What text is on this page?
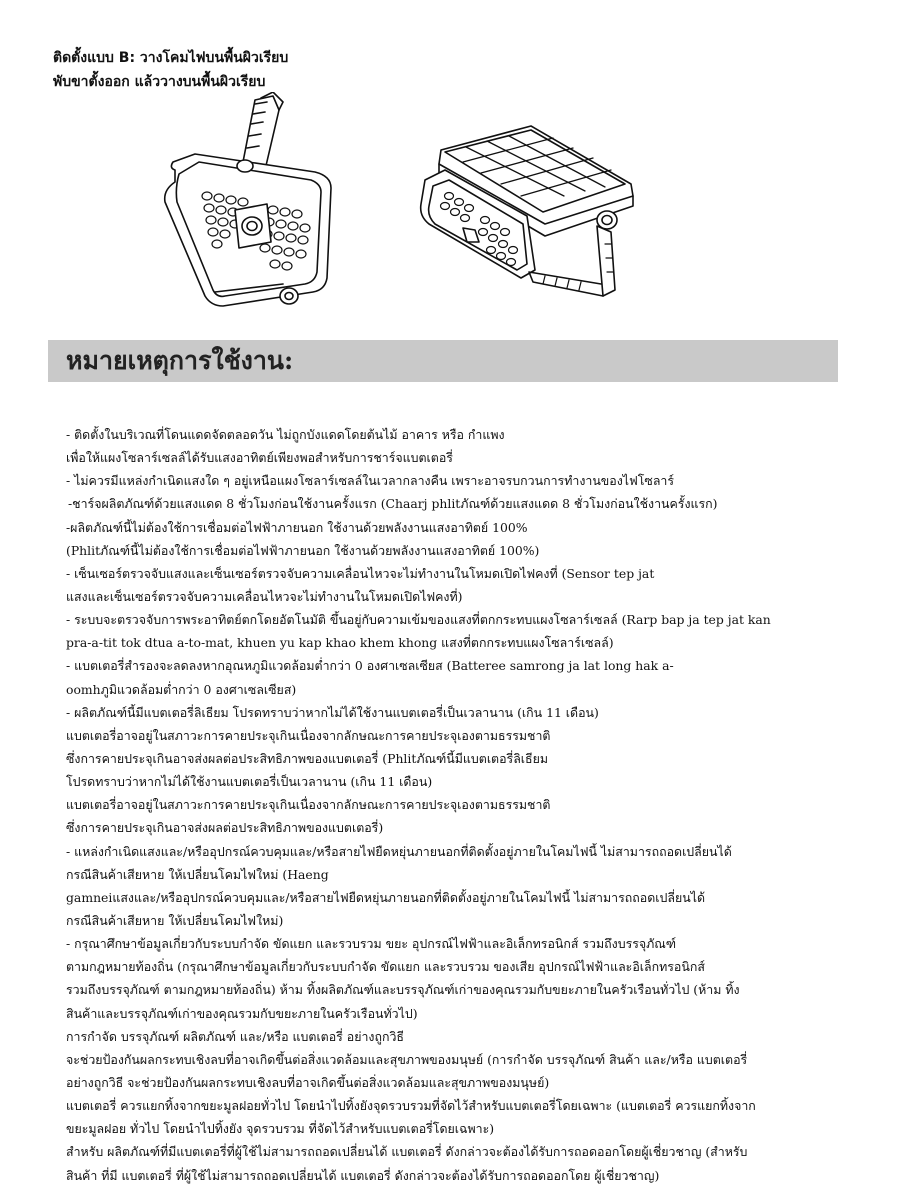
ติดตั้งแบบ B: วางโคมไฟบนพื้นผิวเรียบ
พับขาตั้งออก แล้ววางบนพื้นผิวเรียบ
หมายเหตุการใช้งาน:
- ติดตั้งในบริเวณที่โดนแดดจัดตลอดวัน ไม่ถูกบังแดดโดยต้นไม้ อาคาร หรือ กำแพง
เพื่อให้แผงโซลาร์เซลล์ได้รับแสงอาทิตย์เพียงพอสำหรับการชาร์จแบตเตอรี่
- ไม่ควรมีแหล่งกำเนิดแสงใด ๆ อยู่เหนือแผงโซลาร์เซลล์ในเวลากลางคืน เพราะอาจรบกวนการทำงานของไฟโซลาร์
-ชาร์จผลิตภัณฑ์ด้วยแสงแดด 8 ชั่วโมงก่อนใช้งานครั้งแรก (Chaarj phlitภัณฑ์ด้วยแสงแดด 8 ชั่วโมงก่อนใช้งานครั้งแรก)
-ผลิตภัณฑ์นี้ไม่ต้องใช้การเชื่อมต่อไฟฟ้าภายนอก ใช้งานด้วยพลังงานแสงอาทิตย์ 100%
(Phlitภัณฑ์นี้ไม่ต้องใช้การเชื่อมต่อไฟฟ้าภายนอก ใช้งานด้วยพลังงานแสงอาทิตย์ 100%)
- เซ็นเซอร์ตรวจจับแสงและเซ็นเซอร์ตรวจจับความเคลื่อนไหวจะไม่ทำงานในโหมดเปิดไฟคงที่ (Sensor tep jat
แสงและเซ็นเซอร์ตรวจจับความเคลื่อนไหวจะไม่ทำงานในโหมดเปิดไฟคงที่)
- ระบบจะตรวจจับการพระอาทิตย์ตกโดยอัตโนมัติ ขึ้นอยู่กับความเข้มของแสงที่ตกกระทบแผงโซลาร์เซลล์ (Rarp bap ja tep jat kan
pra-a-tit tok dtua a-to-mat, khuen yu kap khao khem khong แสงที่ตกกระทบแผงโซลาร์เซลล์)
- แบตเตอรี่สำรองจะลดลงหากอุณหภูมิแวดล้อมต่ำกว่า 0 องศาเซลเซียส (Batteree samrong ja lat long hak a-
oomhภูมิแวดล้อมต่ำกว่า 0 องศาเซลเซียส)
- ผลิตภัณฑ์นี้มีแบตเตอรี่ลิเธียม โปรดทราบว่าหากไม่ได้ใช้งานแบตเตอรี่เป็นเวลานาน (เกิน 11 เดือน)
แบตเตอรี่อาจอยู่ในสภาวะการคายประจุเกินเนื่องจากลักษณะการคายประจุเองตามธรรมชาติ
ซึ่งการคายประจุเกินอาจส่งผลต่อประสิทธิภาพของแบตเตอรี่ (Phlitภัณฑ์นี้มีแบตเตอรี่ลิเธียม
โปรดทราบว่าหากไม่ได้ใช้งานแบตเตอรี่เป็นเวลานาน (เกิน 11 เดือน)
แบตเตอรี่อาจอยู่ในสภาวะการคายประจุเกินเนื่องจากลักษณะการคายประจุเองตามธรรมชาติ
ซึ่งการคายประจุเกินอาจส่งผลต่อประสิทธิภาพของแบตเตอรี่)
- แหล่งกำเนิดแสงและ/หรืออุปกรณ์ควบคุมและ/หรือสายไฟยืดหยุ่นภายนอกที่ติดตั้งอยู่ภายในโคมไฟนี้ ไม่สามารถถอดเปลี่ยนได้
กรณีสินค้าเสียหาย ให้เปลี่ยนโคมไฟใหม่ (Haeng
gamneiแสงและ/หรืออุปกรณ์ควบคุมและ/หรือสายไฟยืดหยุ่นภายนอกที่ติดตั้งอยู่ภายในโคมไฟนี้ ไม่สามารถถอดเปลี่ยนได้
กรณีสินค้าเสียหาย ให้เปลี่ยนโคมไฟใหม่)
- กรุณาศึกษาข้อมูลเกี่ยวกับระบบกำจัด ขัดแยก และรวบรวม ขยะ อุปกรณ์ไฟฟ้าและอิเล็กทรอนิกส์ รวมถึงบรรจุภัณฑ์
ตามกฎหมายท้องถิ่น (กรุณาศึกษาข้อมูลเกี่ยวกับระบบกำจัด ขัดแยก และรวบรวม ของเสีย อุปกรณ์ไฟฟ้าและอิเล็กทรอนิกส์
รวมถึงบรรจุภัณฑ์ ตามกฎหมายท้องถิ่น) ห้าม ทิ้งผลิตภัณฑ์และบรรจุภัณฑ์เก่าของคุณรวมกับขยะภายในครัวเรือนทั่วไป (ห้าม ทิ้ง
สินค้าและบรรจุภัณฑ์เก่าของคุณรวมกับขยะภายในครัวเรือนทั่วไป)
การกำจัด บรรจุภัณฑ์ ผลิตภัณฑ์ และ/หรือ แบตเตอรี่ อย่างถูกวิธี
จะช่วยป้องกันผลกระทบเชิงลบที่อาจเกิดขึ้นต่อสิ่งแวดล้อมและสุขภาพของมนุษย์ (การกำจัด บรรจุภัณฑ์ สินค้า และ/หรือ แบตเตอรี่
อย่างถูกวิธี จะช่วยป้องกันผลกระทบเชิงลบที่อาจเกิดขึ้นต่อสิ่งแวดล้อมและสุขภาพของมนุษย์)
แบตเตอรี่ ควรแยกทิ้งจากขยะมูลฝอยทั่วไป โดยนำไปทิ้งยังจุดรวบรวมที่จัดไว้สำหรับแบตเตอรี่โดยเฉพาะ (แบตเตอรี่ ควรแยกทิ้งจาก
ขยะมูลฝอย ทั่วไป โดยนำไปทิ้งยัง จุดรวบรวม ที่จัดไว้สำหรับแบตเตอรี่โดยเฉพาะ)
สำหรับ ผลิตภัณฑ์ที่มีแบตเตอรี่ที่ผู้ใช้ไม่สามารถถอดเปลี่ยนได้ แบตเตอรี่ ดังกล่าวจะต้องได้รับการถอดออกโดยผู้เชี่ยวชาญ (สำหรับ
สินค้า ที่มี แบตเตอรี่ ที่ผู้ใช้ไม่สามารถถอดเปลี่ยนได้ แบตเตอรี่ ดังกล่าวจะต้องได้รับการถอดออกโดย ผู้เชี่ยวชาญ)
